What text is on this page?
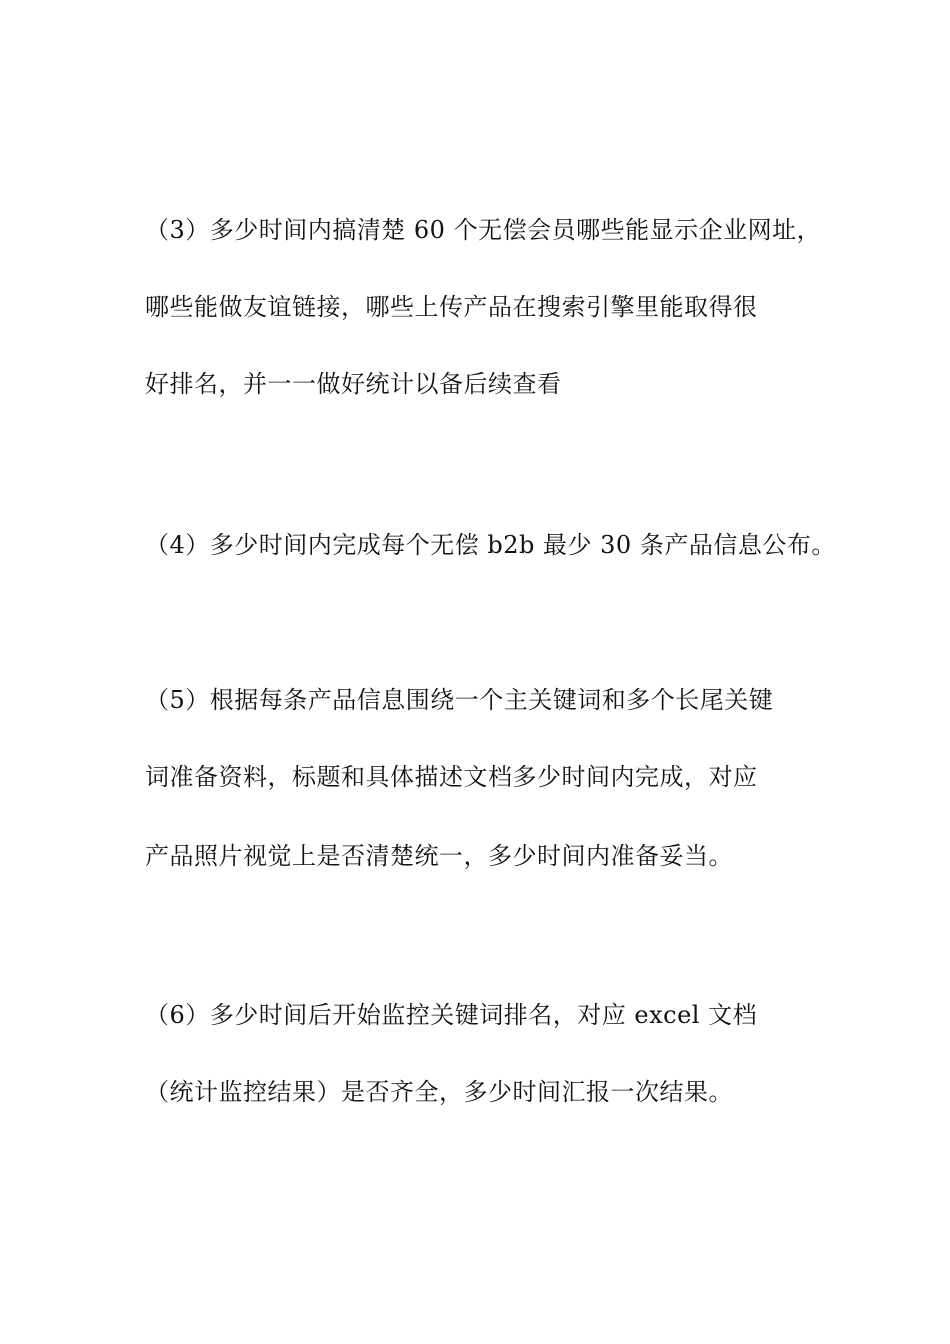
（3）多少时间内搞清楚 60 个无偿会员哪些能显示企业网址，
哪些能做友谊链接，哪些上传产品在搜索引擎里能取得很
好排名，并一一做好统计以备后续查看
（4）多少时间内完成每个无偿 b2b 最少 30 条产品信息公布。
（5）根据每条产品信息围绕一个主关键词和多个长尾关键
词准备资料，标题和具体描述文档多少时间内完成，对应
产品照片视觉上是否清楚统一，多少时间内准备妥当。
（6）多少时间后开始监控关键词排名，对应 excel 文档
（统计监控结果）是否齐全，多少时间汇报一次结果。
